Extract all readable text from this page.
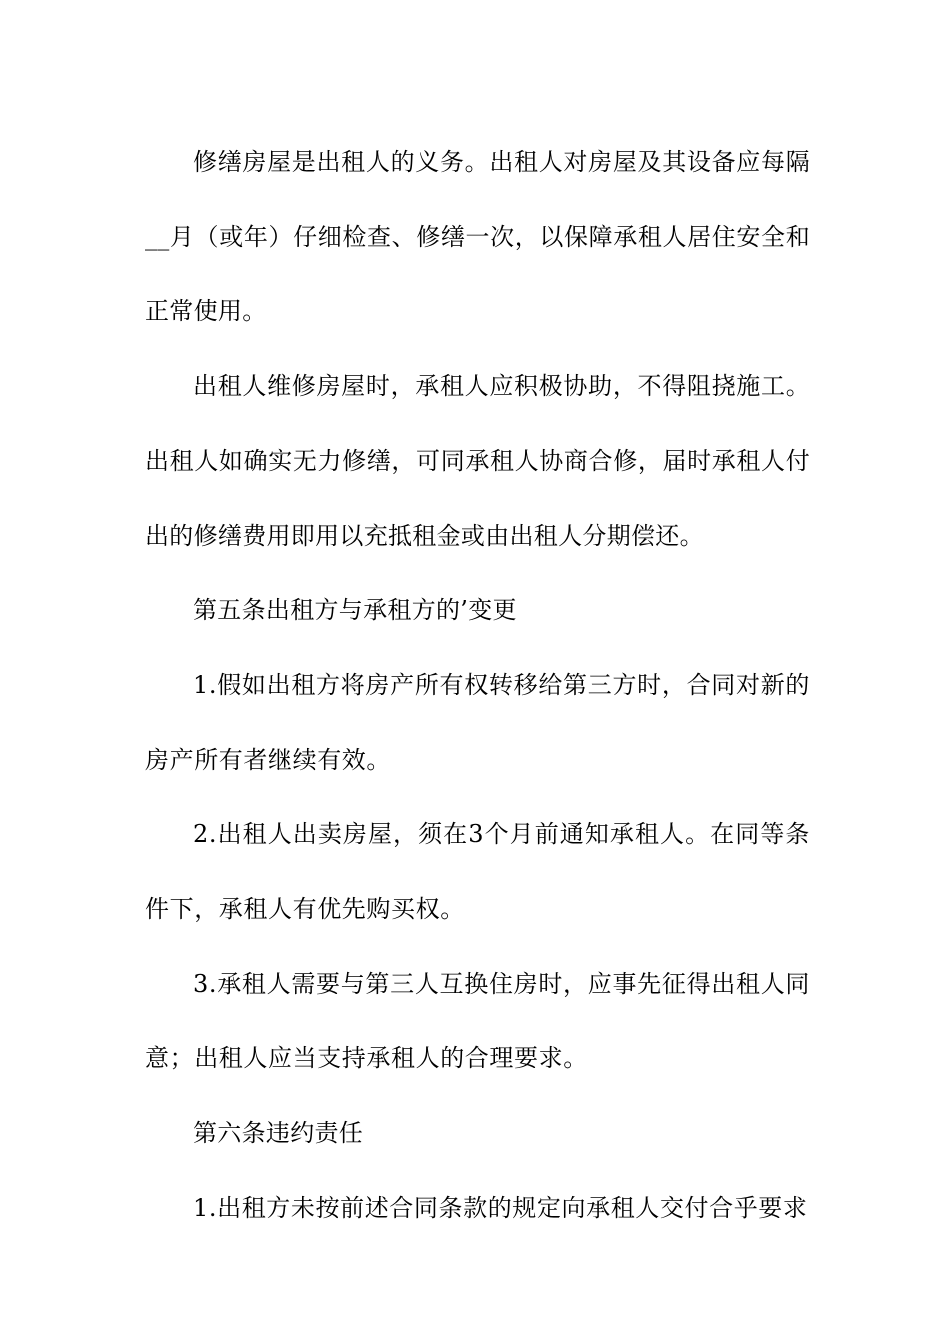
修缮房屋是出租人的义务。出租人对房屋及其设备应每隔__月（或年）仔细检查、修缮一次，以保障承租人居住安全和正常使用。

出租人维修房屋时，承租人应积极协助，不得阻挠施工。出租人如确实无力修缮，可同承租人协商合修，届时承租人付出的修缮费用即用以充抵租金或由出租人分期偿还。

第五条出租方与承租方的’变更

1.假如出租方将房产所有权转移给第三方时，合同对新的房产所有者继续有效。

2.出租人出卖房屋，须在3个月前通知承租人。在同等条件下，承租人有优先购买权。

3.承租人需要与第三人互换住房时，应事先征得出租人同意；出租人应当支持承租人的合理要求。

第六条违约责任

1.出租方未按前述合同条款的规定向承租人交付合乎要求
